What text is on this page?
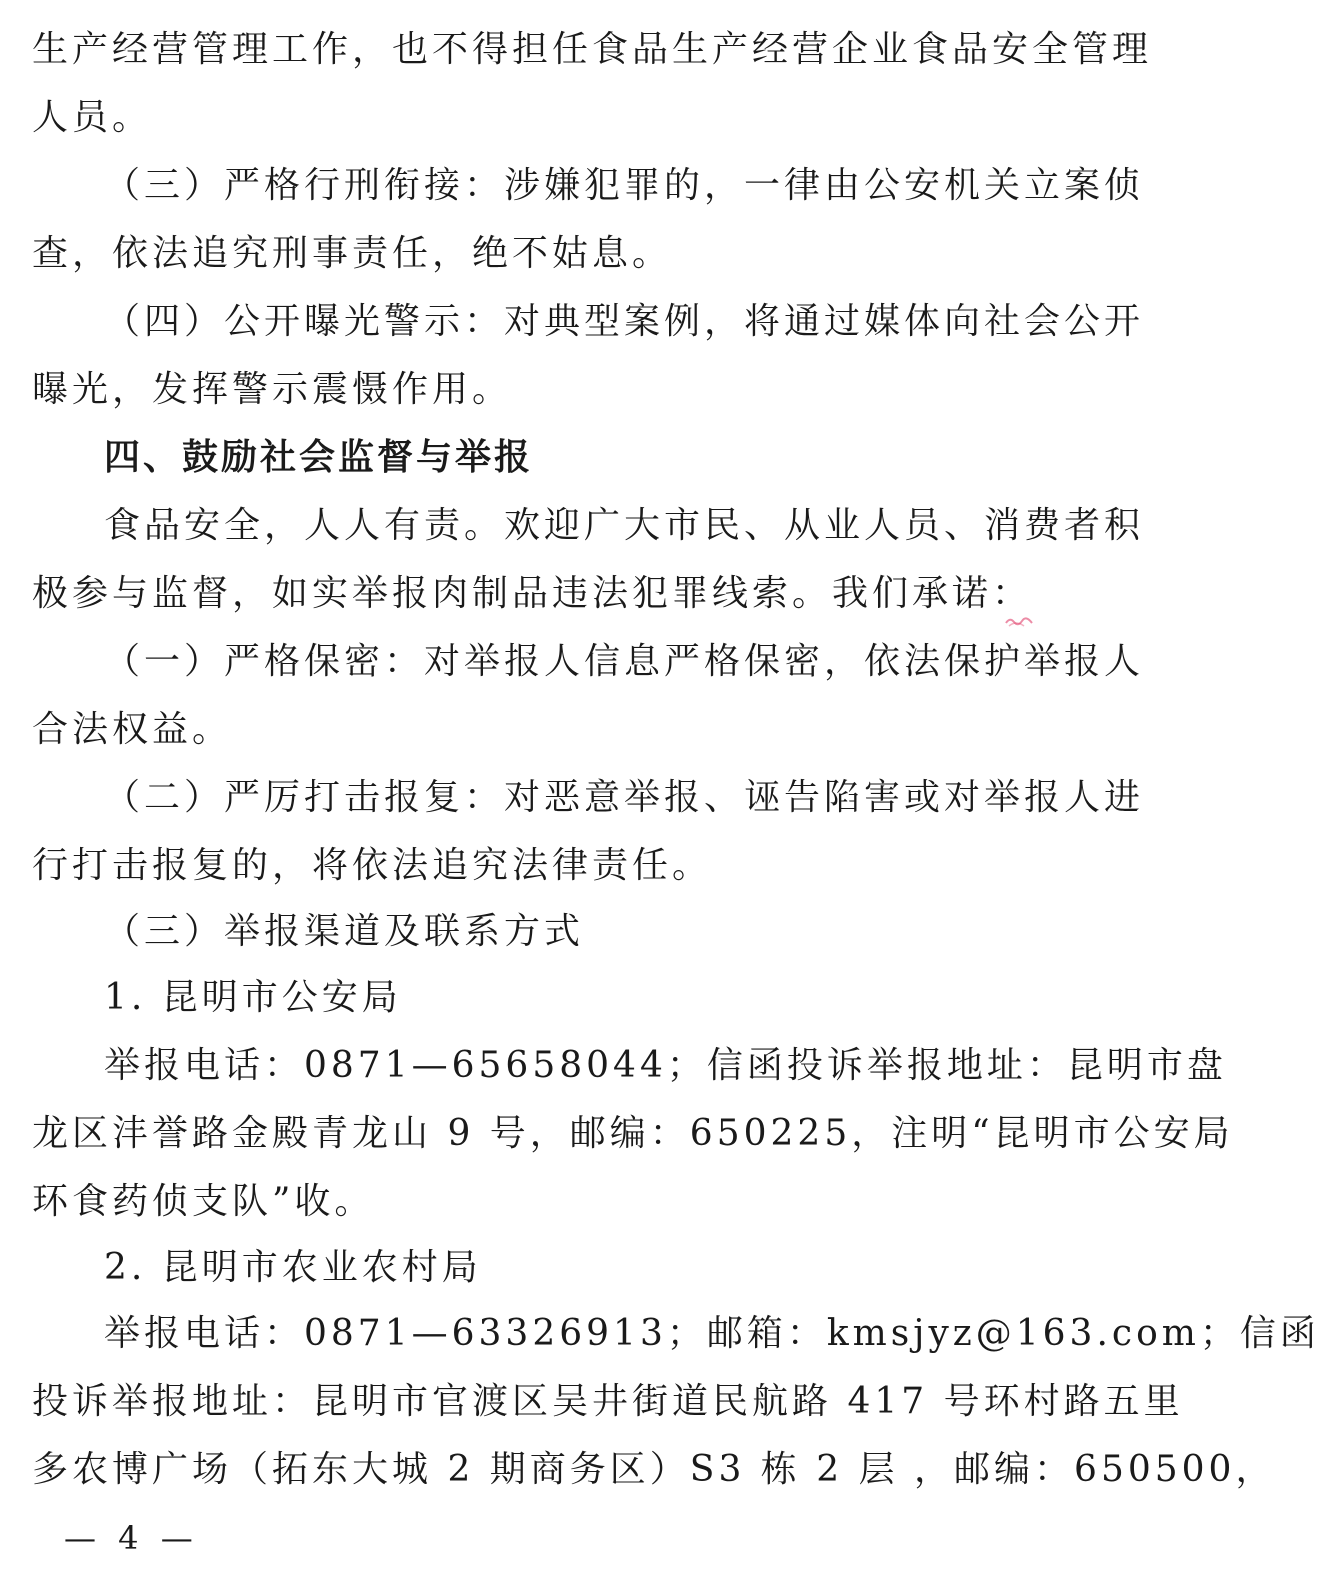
生产经营管理工作，也不得担任食品生产经营企业食品安全管理
人员。
（三）严格行刑衔接：涉嫌犯罪的，一律由公安机关立案侦
查，依法追究刑事责任，绝不姑息。
（四）公开曝光警示：对典型案例，将通过媒体向社会公开
曝光，发挥警示震慑作用。
四、鼓励社会监督与举报
食品安全，人人有责。欢迎广大市民、从业人员、消费者积
极参与监督，如实举报肉制品违法犯罪线索。我们承诺：
（一）严格保密：对举报人信息严格保密，依法保护举报人
合法权益。
（二）严厉打击报复：对恶意举报、诬告陷害或对举报人进
行打击报复的，将依法追究法律责任。
（三）举报渠道及联系方式
1. 昆明市公安局
举报电话：0871—65658044；信函投诉举报地址：昆明市盘
龙区沣誉路金殿青龙山 9 号，邮编：650225，注明“昆明市公安局
环食药侦支队”收。
2. 昆明市农业农村局
举报电话：0871—63326913；邮箱：kmsjyz@163.com；信函
投诉举报地址：昆明市官渡区吴井街道民航路 417 号环村路五里
多农博广场（拓东大城 2 期商务区）S3 栋 2 层 ，邮编：650500，
— 4 —
